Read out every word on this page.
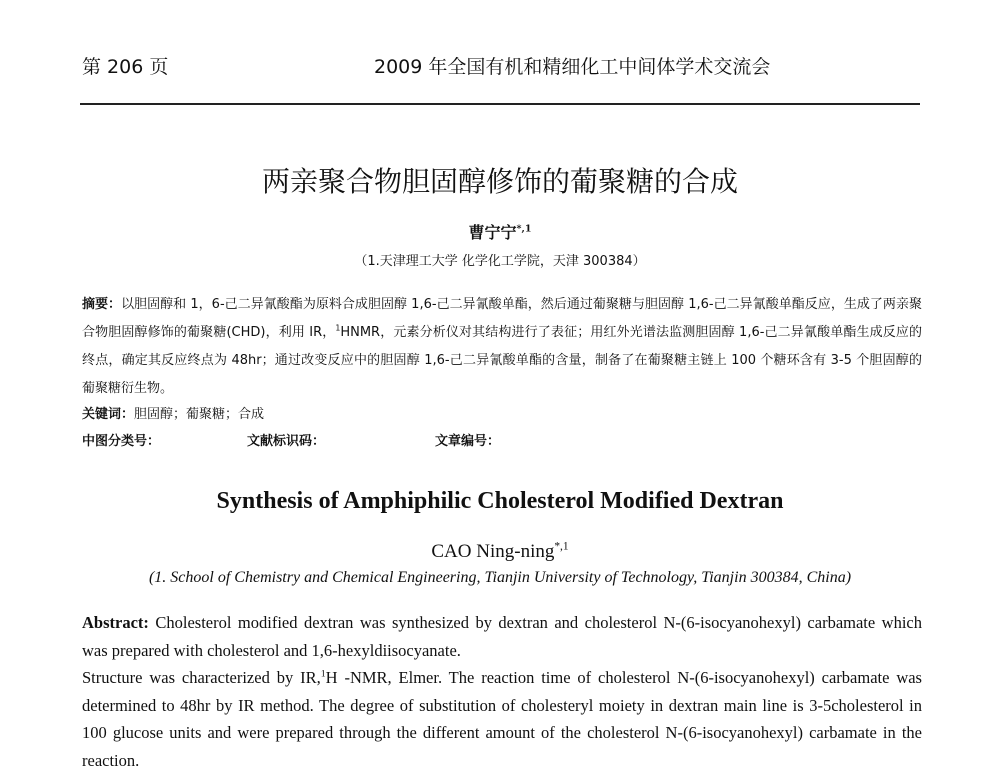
第 206 页	2009 年全国有机和精细化工中间体学术交流会
两亲聚合物胆固醇修饰的葡聚糖的合成
曹宁宁$^{*,1}$
（1.天津理工大学 化学化工学院，天津 300384）
摘要：以胆固醇和 1，6-己二异氰酸酯为原料合成胆固醇 1,6-己二异氰酸单酯，然后通过葡聚糖与胆固醇 1,6-己二异氰酸单酯反应，生成了两亲聚合物胆固醇修饰的葡聚糖(CHD)，利用 IR，$^1$HNMR，元素分析仪对其结构进行了表征；用红外光谱法监测胆固醇 1,6-己二异氰酸单酯生成反应的终点，确定其反应终点为 48hr；通过改变反应中的胆固醇 1,6-己二异氰酸单酯的含量，制备了在葡聚糖主链上 100 个糖环含有 3-5 个胆固醇的葡聚糖衍生物。
关键词：胆固醇；葡聚糖；合成
中图分类号：	文献标识码：	文章编号：
Synthesis of Amphiphilic Cholesterol Modified Dextran
CAO Ning-ning$^{*,1}$
(1. School of Chemistry and Chemical Engineering, Tianjin University of Technology, Tianjin 300384, China)

Abstract: Cholesterol modified dextran was synthesized by dextran and cholesterol N-(6-isocyanohexyl) carbamate which was prepared with cholesterol and 1,6-hexyldiisocyanate.

Structure was characterized by IR,$^1$H -NMR, Elmer. The reaction time of cholesterol N-(6-isocyanohexyl) carbamate was determined to 48hr by IR method. The degree of substitution of cholesteryl moiety in dextran main line is 3-5cholesterol in 100 glucose units and were prepared through the different amount of the cholesterol N-(6-isocyanohexyl) carbamate in the reaction.
